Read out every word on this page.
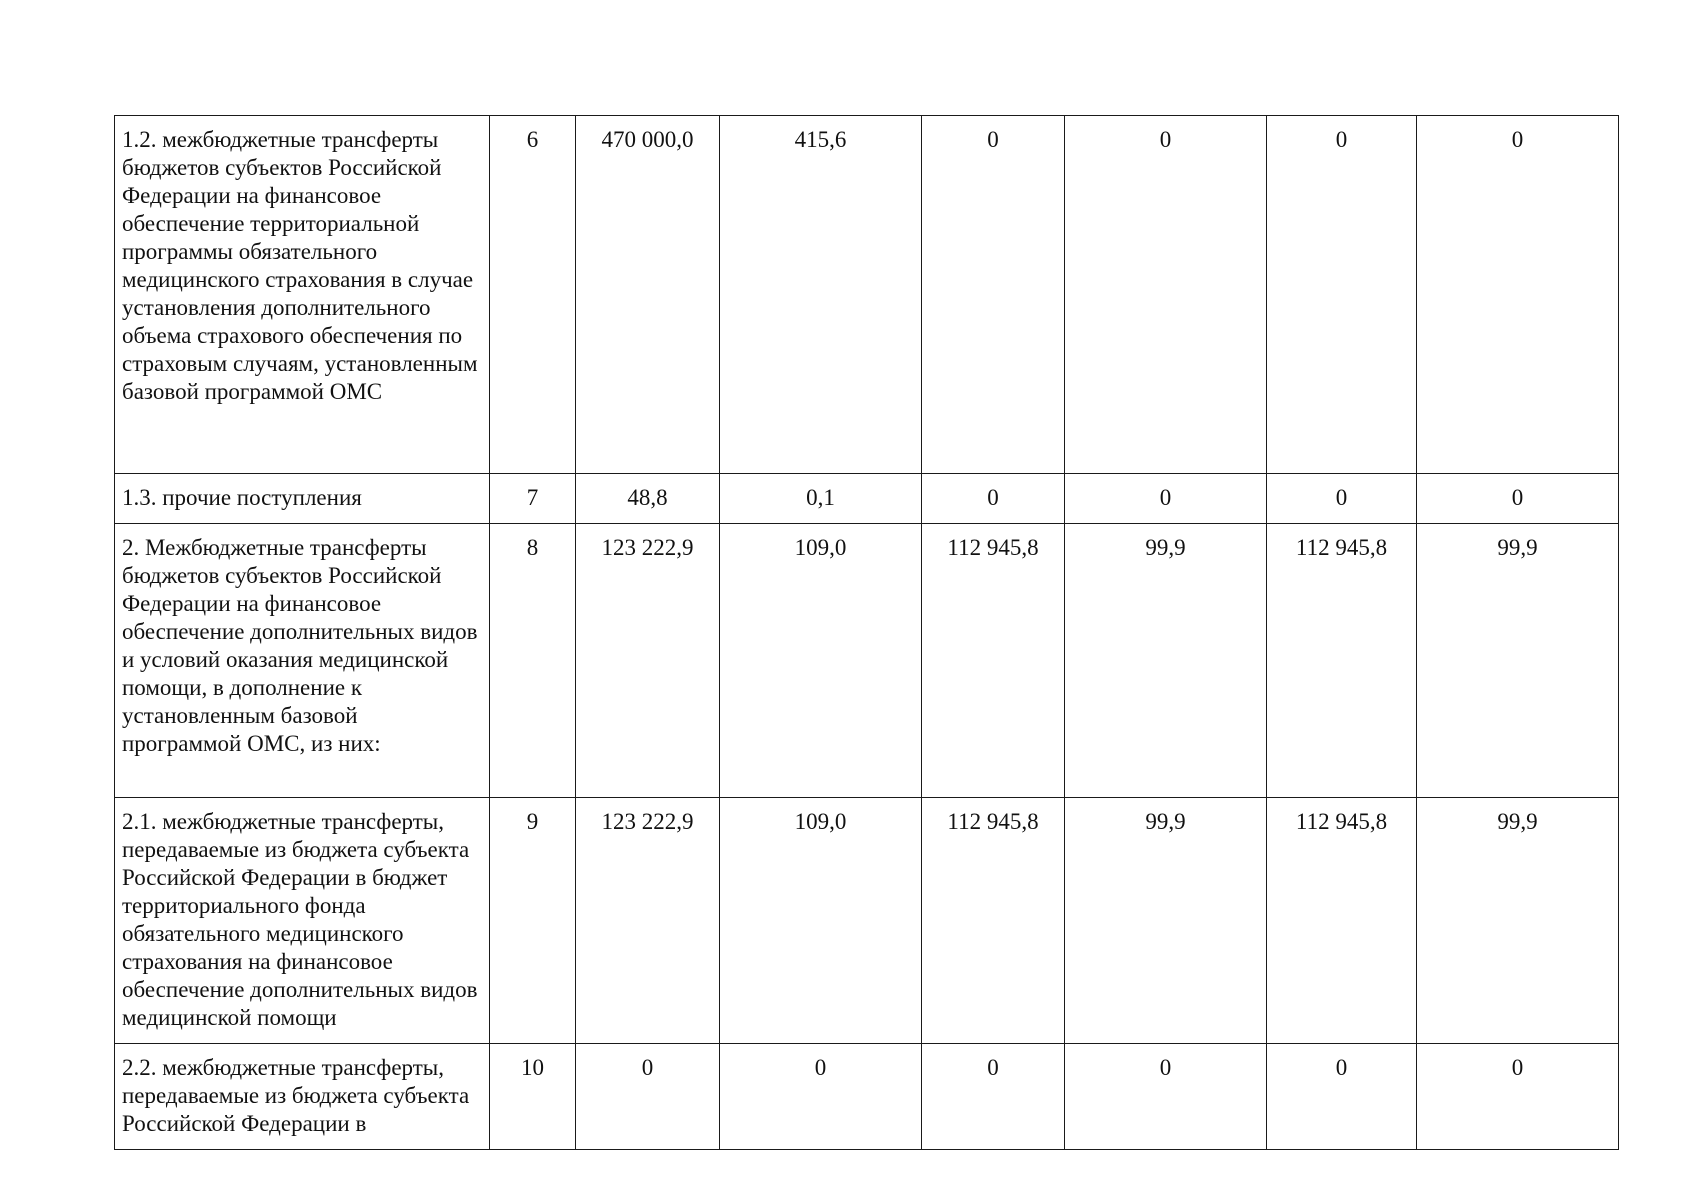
1.2. межбюджетные трансферты бюджетов субъектов Российской Федерации на финансовое обеспечение территориальной программы обязательного медицинского страхования в случае установления дополнительного объема страхового обеспечения по страховым случаям, установленным базовой программой ОМС	6	470 000,0	415,6	0	0	0	0
1.3. прочие поступления	7	48,8	0,1	0	0	0	0
2. Межбюджетные трансферты бюджетов субъектов Российской Федерации на финансовое обеспечение дополнительных видов и условий оказания медицинской помощи, в дополнение к установленным базовой программой ОМС, из них:	8	123 222,9	109,0	112 945,8	99,9	112 945,8	99,9
2.1. межбюджетные трансферты, передаваемые из бюджета субъекта Российской Федерации в бюджет территориального фонда обязательного медицинского страхования на финансовое обеспечение дополнительных видов медицинской помощи	9	123 222,9	109,0	112 945,8	99,9	112 945,8	99,9
2.2. межбюджетные трансферты, передаваемые из бюджета субъекта Российской Федерации в	10	0	0	0	0	0	0
